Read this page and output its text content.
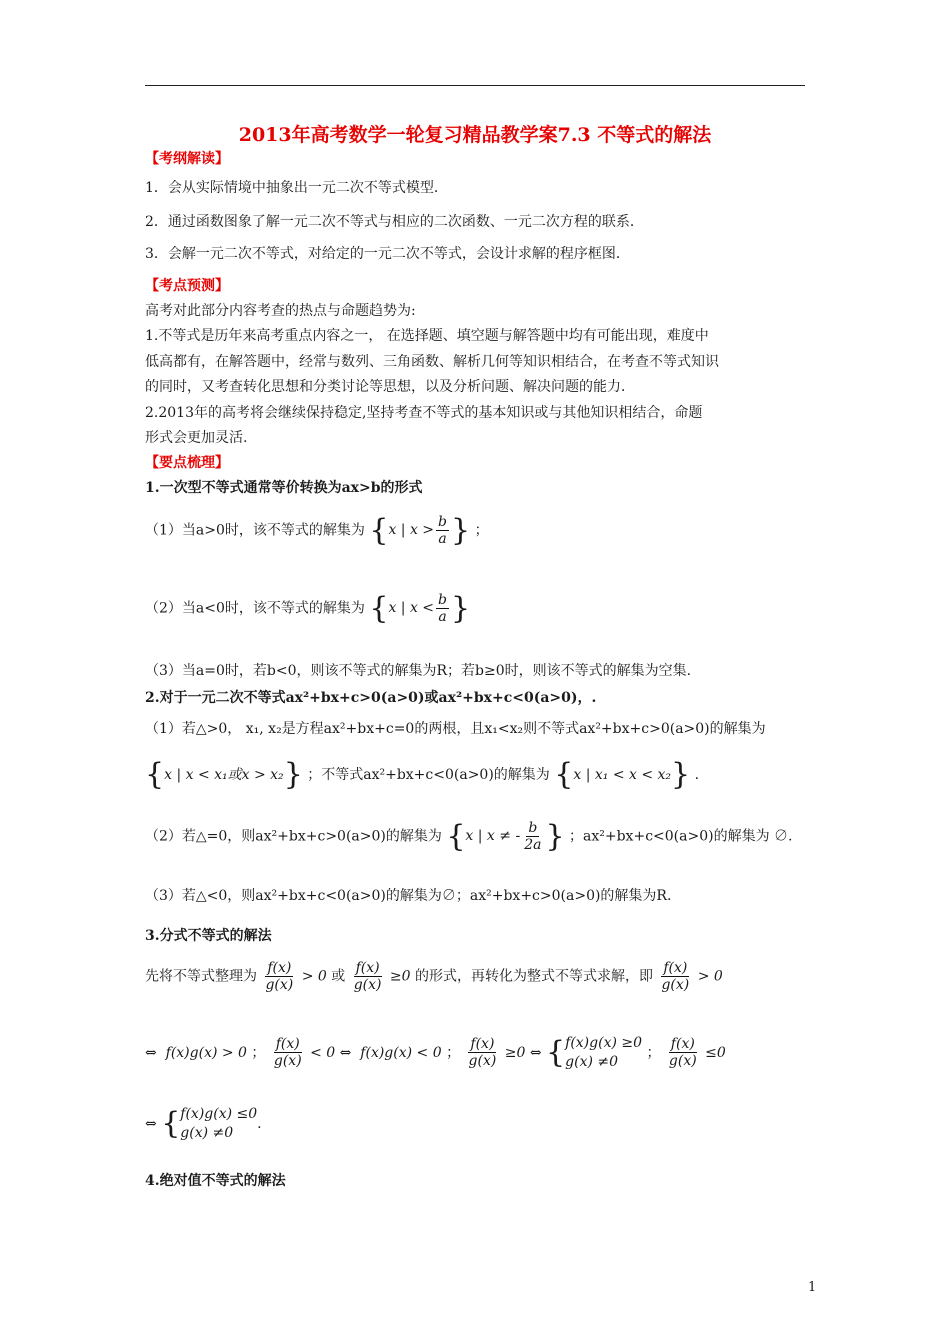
2013年高考数学一轮复习精品教学案7.3 不等式的解法
【考纲解读】
1．会从实际情境中抽象出一元二次不等式模型．
2．通过函数图象了解一元二次不等式与相应的二次函数、一元二次方程的联系．
3．会解一元二次不等式，对给定的一元二次不等式，会设计求解的程序框图．
【考点预测】
高考对此部分内容考查的热点与命题趋势为:
1.不等式是历年来高考重点内容之一， 在选择题、填空题与解答题中均有可能出现，难度中
低高都有，在解答题中，经常与数列、三角函数、解析几何等知识相结合，在考查不等式知识
的同时，又考查转化思想和分类讨论等思想，以及分析问题、解决问题的能力．
2.2013年的高考将会继续保持稳定,坚持考查不等式的基本知识或与其他知识相结合，命题
形式会更加灵活.
【要点梳理】
1.一次型不等式通常等价转换为ax>b的形式
（1）当a>0时，该不等式的解集为 { x | $x > \frac{b}{a}$ } ；
（2）当a<0时，该不等式的解集为 { x | $x < \frac{b}{a}$ }
（3）当a=0时，若b<0，则该不等式的解集为R；若b≥0时，则该不等式的解集为空集.
2.对于一元二次不等式ax²+bx+c>0(a>0)或ax²+bx+c<0(a>0)，.
（1）若△>0， x₁, x₂是方程ax²+bx+c=0的两根，且x₁<x₂则不等式ax²+bx+c>0(a>0)的解集为
{ x | x < x₁或x > x₂ } ；不等式ax²+bx+c<0(a>0)的解集为 { x | x₁ < x < x₂ } .
（2）若△=0，则ax²+bx+c>0(a>0)的解集为 { x | x ≠ - $\frac{b}{2a}$ } ；ax²+bx+c<0(a>0)的解集为 ∅.
（3）若△<0，则ax²+bx+c<0(a>0)的解集为∅；ax²+bx+c>0(a>0)的解集为R.
3.分式不等式的解法
先将不等式整理为 $\frac{f(x)}{g(x)} > 0$ 或 $\frac{f(x)}{g(x)} \ge 0$ 的形式，再转化为整式不等式求解，即 $\frac{f(x)}{g(x)} > 0$
⇔ f(x)g(x) > 0 ； $\frac{f(x)}{g(x)} < 0$ ⇔ f(x)g(x) < 0 ； $\frac{f(x)}{g(x)} \ge 0$ ⇔ { f(x)g(x) ≥0
g(x) ≠0
； $\frac{f(x)}{g(x)} \le 0$
⇔ { f(x)g(x) ≤0
g(x) ≠0
.
4.绝对值不等式的解法
1
